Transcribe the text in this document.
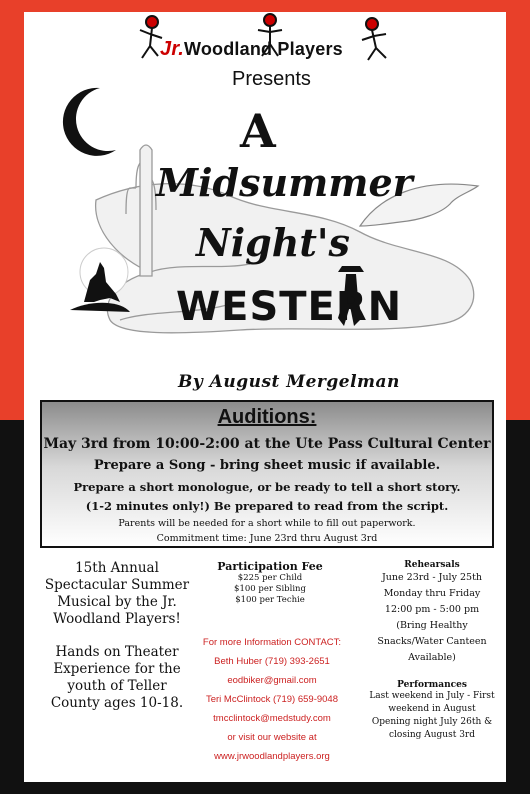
Jr.Woodland Players
Presents
A
Midsummer
Night's
WESTERN
By August Mergelman
Auditions:
May 3rd from 10:00-2:00 at the Ute Pass Cultural Center
Prepare a Song - bring sheet music if available.
Prepare a short monologue, or be ready to tell a short story.
(1-2 minutes only!) Be prepared to read from the script.
Parents will be needed for a short while to fill out paperwork.
Commitment time: June 23rd thru August 3rd

15th Annual Spectacular Summer Musical by the Jr. Woodland Players!

Hands on Theater Experience for the youth of Teller County ages 10-18.

Participation Fee
$225 per Child
$100 per Sibling
$100 per Techie
For more Information CONTACT:
Beth Huber (719) 393-2651
eodbiker@gmail.com
Teri McClintock (719) 659-9048
tmcclintock@medstudy.com
or visit our website at
www.jrwoodlandplayers.org
Rehearsals
June 23rd - July 25th
Monday thru Friday
12:00 pm - 5:00 pm
(Bring Healthy Snacks/Water Canteen Available)
Performances
Last weekend in July - First weekend in August
Opening night July 26th & closing August 3rd
